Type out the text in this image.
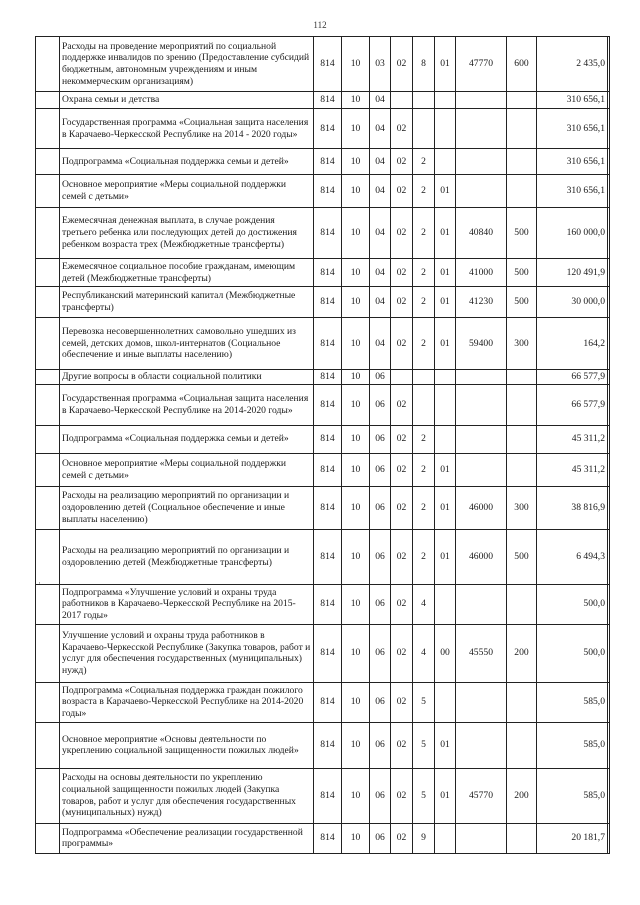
112
·
	Расходы на проведение мероприятий по социальной поддержке инвалидов по зрению (Предоставление субсидий бюджетным, автономным учреждениям и иным некоммерческим организациям)	814	10	03	02	8	01	47770	600	2 435,0	
	Охрана семьи и детства	814	10	04						310 656,1	
	Государственная программа «Социальная защита населения в Карачаево-Черкесской Республике на 2014 - 2020 годы»	814	10	04	02					310 656,1	
	Подпрограмма «Социальная поддержка семьи и детей»	814	10	04	02	2				310 656,1	
	Основное мероприятие «Меры социальной поддержки семей с детьми»	814	10	04	02	2	01			310 656,1	
	Ежемесячная денежная выплата, в случае рождения третьего ребенка или последующих детей до достижения ребенком возраста трех (Межбюджетные трансферты)	814	10	04	02	2	01	40840	500	160 000,0	
	Ежемесячное социальное пособие гражданам, имеющим детей (Межбюджетные трансферты)	814	10	04	02	2	01	41000	500	120 491,9	
	Республиканский материнский капитал (Межбюджетные трансферты)	814	10	04	02	2	01	41230	500	30 000,0	
	Перевозка несовершеннолетних самовольно ушедших из семей, детских домов, школ-интернатов (Социальное обеспечение и иные выплаты населению)	814	10	04	02	2	01	59400	300	164,2	
	Другие вопросы в области социальной политики	814	10	06						66 577,9	
	Государственная программа «Социальная защита населения в Карачаево-Черкесской Республике на 2014-2020 годы»	814	10	06	02					66 577,9	
	Подпрограмма «Социальная поддержка семьи и детей»	814	10	06	02	2				45 311,2	
	Основное мероприятие «Меры социальной поддержки семей с детьми»	814	10	06	02	2	01			45 311,2	
	Расходы на реализацию мероприятий по организации и оздоровлению детей (Социальное обеспечение и иные выплаты населению)	814	10	06	02	2	01	46000	300	38 816,9	
	Расходы на реализацию мероприятий по организации и оздоровлению детей (Межбюджетные трансферты)	814	10	06	02	2	01	46000	500	6 494,3	
	Подпрограмма «Улучшение условий и охраны труда работников в Карачаево-Черкесской Республике на 2015-2017 годы»	814	10	06	02	4				500,0	
	Улучшение условий и охраны труда работников в Карачаево-Черкесской Республике (Закупка товаров, работ и услуг для обеспечения государственных (муниципальных) нужд)	814	10	06	02	4	00	45550	200	500,0	
	Подпрограмма «Социальная поддержка граждан пожилого возраста в Карачаево-Черкесской Республике на 2014-2020 годы»	814	10	06	02	5				585,0	
	Основное мероприятие «Основы деятельности по укреплению социальной защищенности пожилых людей»	814	10	06	02	5	01			585,0	
	Расходы на основы деятельности по укреплению социальной защищенности пожилых людей (Закупка товаров, работ и услуг для обеспечения государственных (муниципальных) нужд)	814	10	06	02	5	01	45770	200	585,0	
	Подпрограмма «Обеспечение реализации государственной программы»	814	10	06	02	9				20 181,7	
